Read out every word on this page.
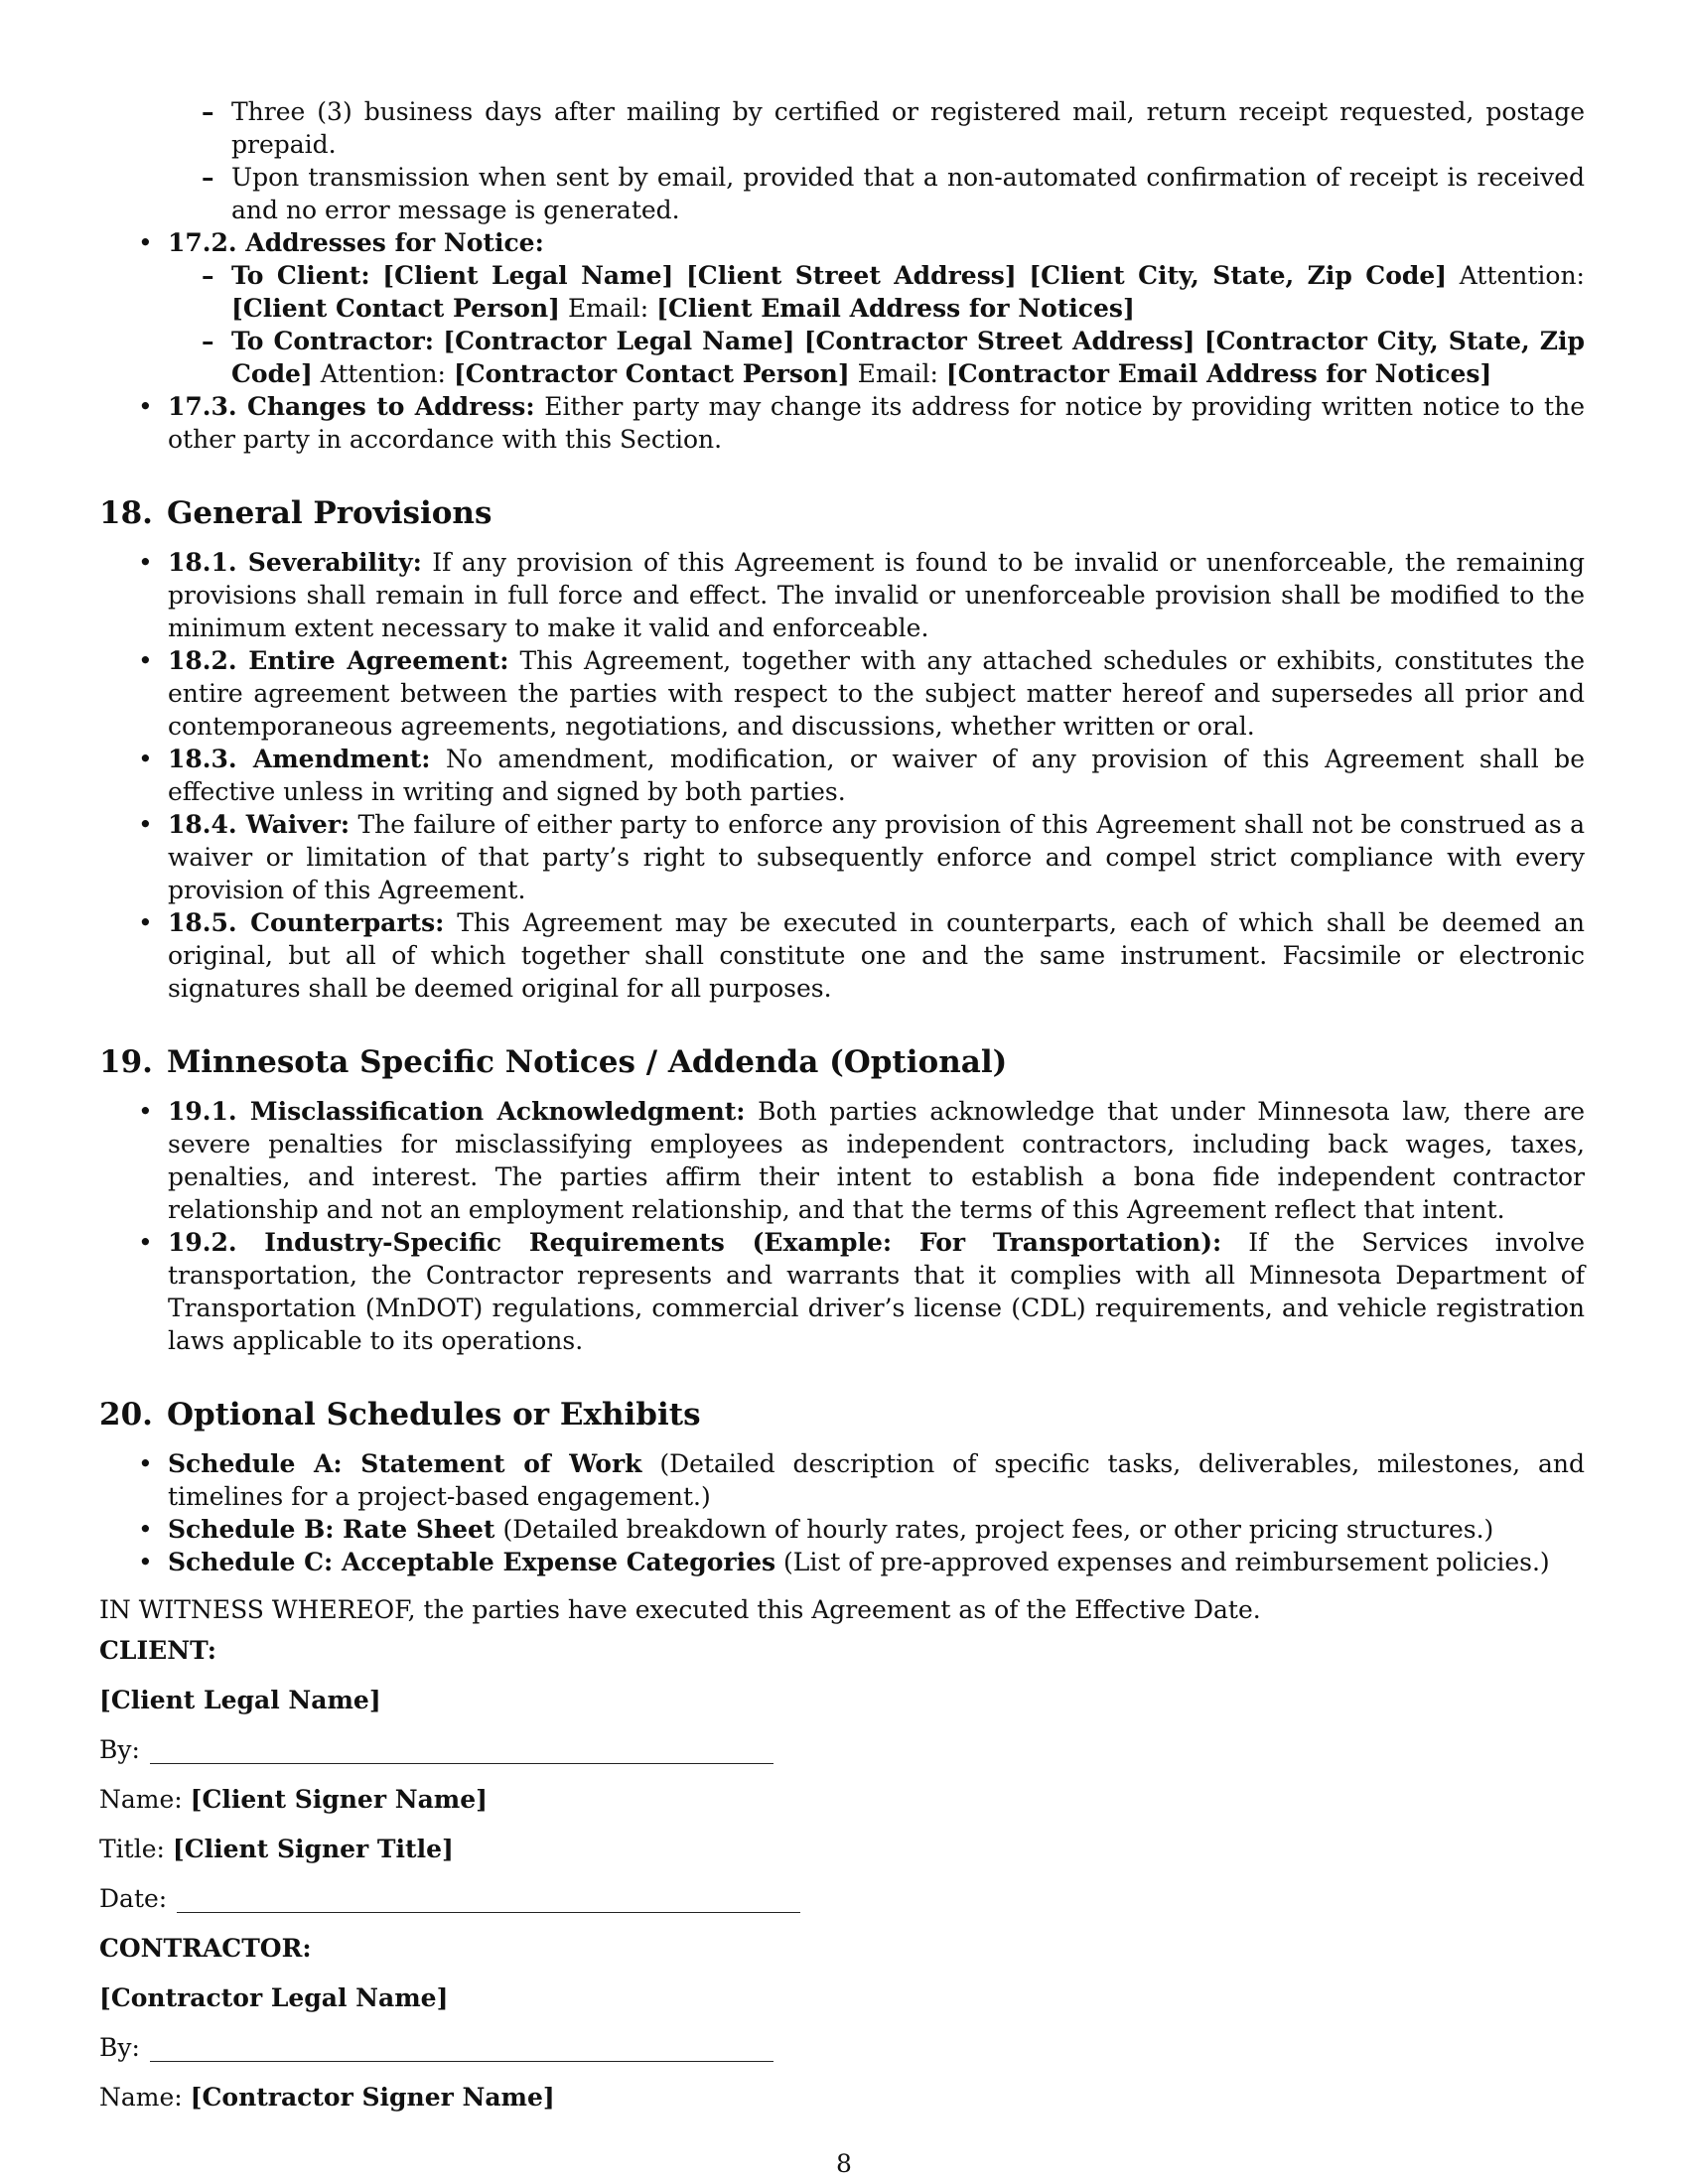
– Three (3) business days after mailing by certified or registered mail, return receipt requested, postage prepaid.
– Upon transmission when sent by email, provided that a non-automated confirmation of receipt is received and no error message is generated.
• 17.2. Addresses for Notice:
– To Client: [Client Legal Name] [Client Street Address] [Client City, State, Zip Code] Attention: [Client Contact Person] Email: [Client Email Address for Notices]
– To Contractor: [Contractor Legal Name] [Contractor Street Address] [Contractor City, State, Zip Code] Attention: [Contractor Contact Person] Email: [Contractor Email Address for Notices]
• 17.3. Changes to Address: Either party may change its address for notice by providing written notice to the other party in accordance with this Section.
18. General Provisions
• 18.1. Severability: If any provision of this Agreement is found to be invalid or unenforceable, the remaining provisions shall remain in full force and effect. The invalid or unenforceable provision shall be modified to the minimum extent necessary to make it valid and enforceable.
• 18.2. Entire Agreement: This Agreement, together with any attached schedules or exhibits, constitutes the entire agreement between the parties with respect to the subject matter hereof and supersedes all prior and contemporaneous agreements, negotiations, and discussions, whether written or oral.
• 18.3. Amendment: No amendment, modification, or waiver of any provision of this Agreement shall be effective unless in writing and signed by both parties.
• 18.4. Waiver: The failure of either party to enforce any provision of this Agreement shall not be construed as a waiver or limitation of that party’s right to subsequently enforce and compel strict compliance with every provision of this Agreement.
• 18.5. Counterparts: This Agreement may be executed in counterparts, each of which shall be deemed an original, but all of which together shall constitute one and the same instrument. Facsimile or electronic signatures shall be deemed original for all purposes.
19. Minnesota Specific Notices / Addenda (Optional)
• 19.1. Misclassification Acknowledgment: Both parties acknowledge that under Minnesota law, there are severe penalties for misclassifying employees as independent contractors, including back wages, taxes, penalties, and interest. The parties affirm their intent to establish a bona fide independent contractor relationship and not an employment relationship, and that the terms of this Agreement reflect that intent.
• 19.2. Industry-Specific Requirements (Example: For Transportation): If the Services involve transportation, the Contractor represents and warrants that it complies with all Minnesota Department of Transportation (MnDOT) regulations, commercial driver’s license (CDL) requirements, and vehicle registration laws applicable to its operations.
20. Optional Schedules or Exhibits
• Schedule A: Statement of Work (Detailed description of specific tasks, deliverables, milestones, and timelines for a project-based engagement.)
• Schedule B: Rate Sheet (Detailed breakdown of hourly rates, project fees, or other pricing structures.)
• Schedule C: Acceptable Expense Categories (List of pre-approved expenses and reimbursement policies.)

IN WITNESS WHEREOF, the parties have executed this Agreement as of the Effective Date.

CLIENT:
[Client Legal Name]
By:
Name: [Client Signer Name]
Title: [Client Signer Title]
Date:
CONTRACTOR:
[Contractor Legal Name]
By:
Name: [Contractor Signer Name]
8
